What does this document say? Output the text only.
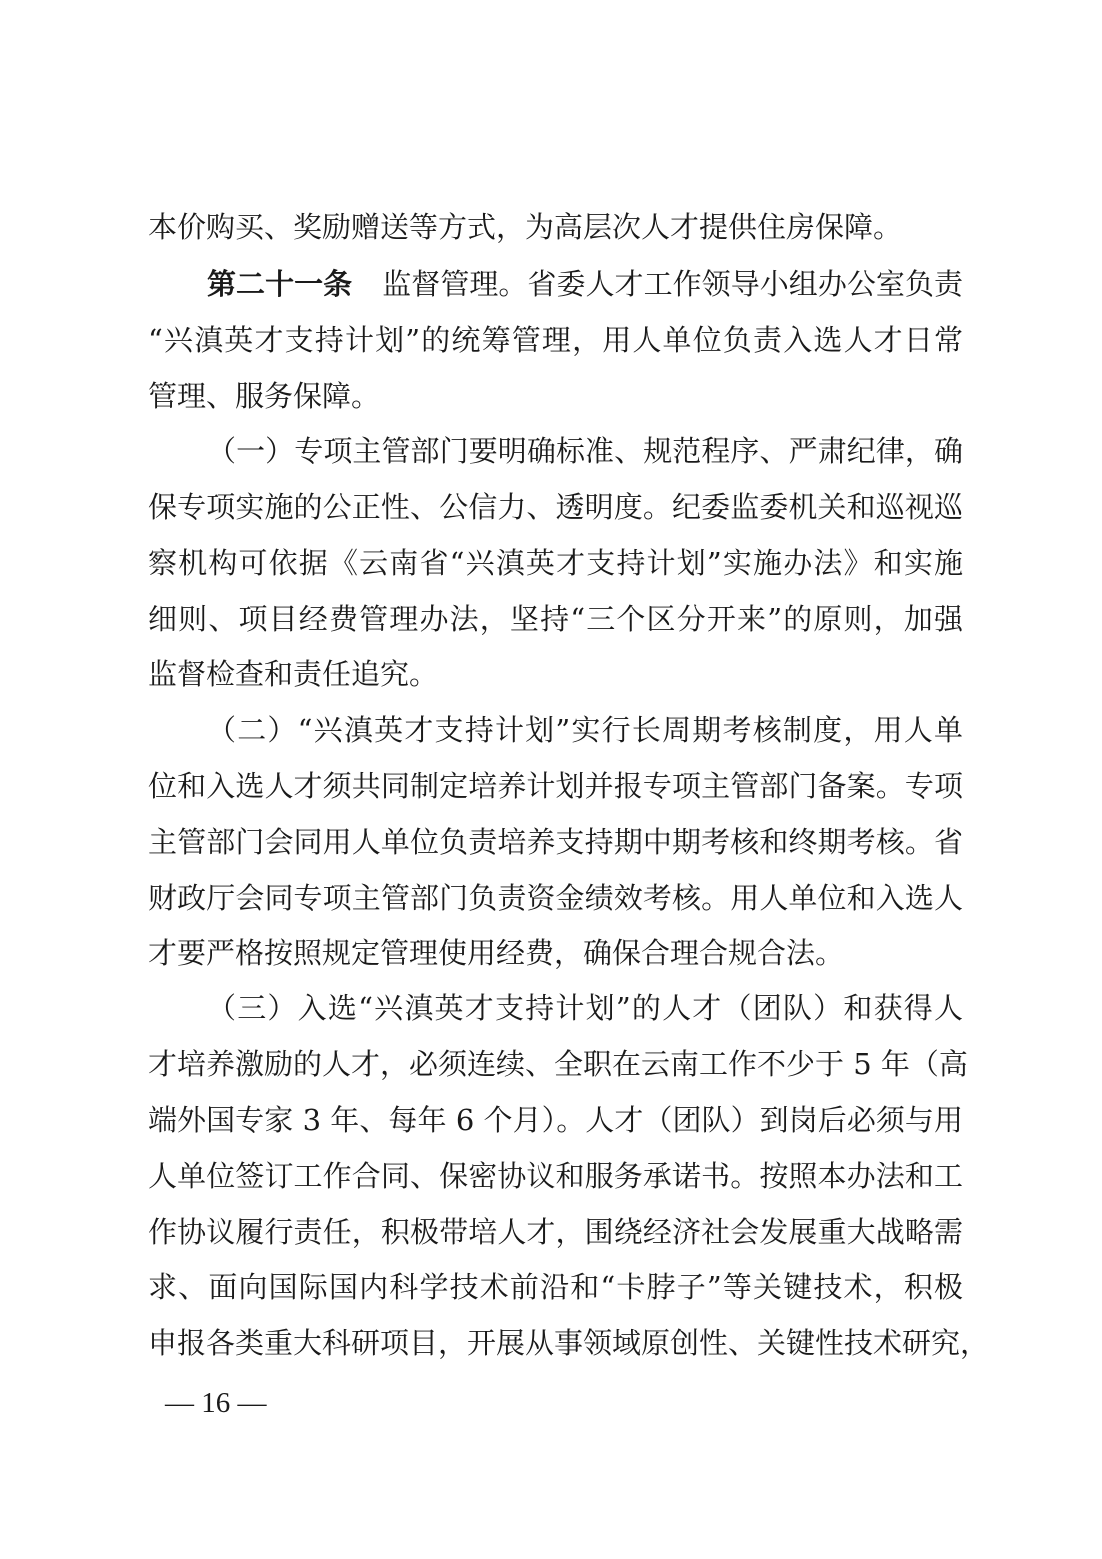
本价购买、奖励赠送等方式，为高层次人才提供住房保障。
第二十一条 监督管理。省委人才工作领导小组办公室负责
“兴滇英才支持计划”的统筹管理，用人单位负责入选人才日常
管理、服务保障。
（一）专项主管部门要明确标准、规范程序、严肃纪律，确
保专项实施的公正性、公信力、透明度。纪委监委机关和巡视巡
察机构可依据《云南省“兴滇英才支持计划”实施办法》和实施
细则、项目经费管理办法，坚持“三个区分开来”的原则，加强
监督检查和责任追究。
（二）“兴滇英才支持计划”实行长周期考核制度，用人单
位和入选人才须共同制定培养计划并报专项主管部门备案。专项
主管部门会同用人单位负责培养支持期中期考核和终期考核。省
财政厅会同专项主管部门负责资金绩效考核。用人单位和入选人
才要严格按照规定管理使用经费，确保合理合规合法。
（三）入选“兴滇英才支持计划”的人才（团队）和获得人
才培养激励的人才，必须连续、全职在云南工作不少于 5 年（高
端外国专家 3 年、每年 6 个月）。人才（团队）到岗后必须与用
人单位签订工作合同、保密协议和服务承诺书。按照本办法和工
作协议履行责任，积极带培人才，围绕经济社会发展重大战略需
求、面向国际国内科学技术前沿和“卡脖子”等关键技术，积极
申报各类重大科研项目，开展从事领域原创性、关键性技术研究，
— 16 —
